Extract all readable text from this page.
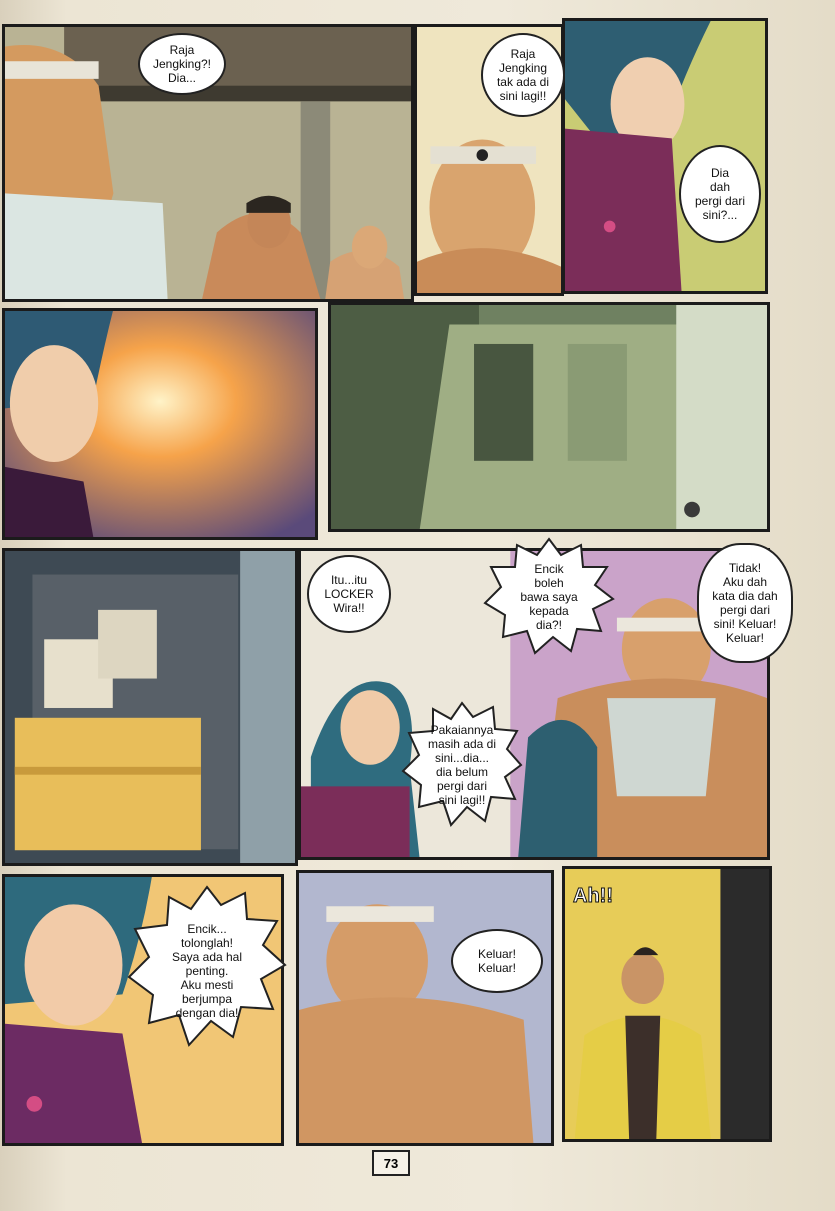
Raja
Jengking?!
Dia...
Raja
Jengking
tak ada di
sini lagi!!
Dia
dah
pergi dari
sini?...
Itu...itu
LOCKER
Wira!!
Encik
boleh
bawa saya
kepada
dia?!
Tidak!
Aku dah
kata dia dah
pergi dari
sini! Keluar!
Keluar!
Pakaiannya
masih ada di
sini...dia...
dia belum
pergi dari
sini lagi!!
Encik...
tolonglah!
Saya ada hal
penting.
Aku mesti
berjumpa
dengan dia!
Keluar!
Keluar!
Ah!!
73
